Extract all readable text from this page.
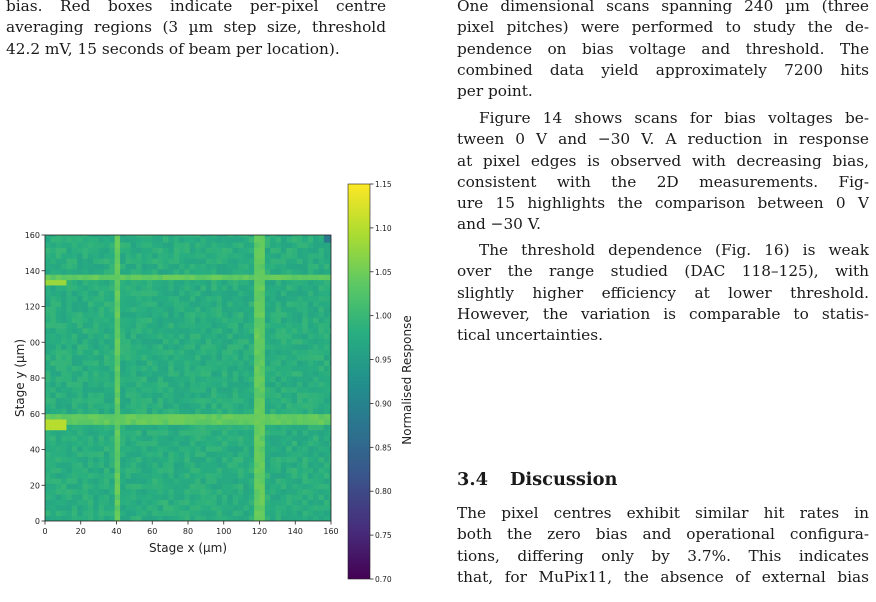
bias. Red boxes indicate per-pixel centre
averaging regions (3 µm step size, threshold
42.2 mV, 15 seconds of beam per location).
One dimensional scans spanning 240 µm (three
pixel pitches) were performed to study the de-
pendence on bias voltage and threshold. The
combined data yield approximately 7200 hits
per point.
Figure 14 shows scans for bias voltages be-
tween 0 V and −30 V. A reduction in response
at pixel edges is observed with decreasing bias,
consistent with the 2D measurements. Fig-
ure 15 highlights the comparison between 0 V
and −30 V.
The threshold dependence (Fig. 16) is weak
over the range studied (DAC 118–125), with
slightly higher efficiency at lower threshold.
However, the variation is comparable to statis-
tical uncertainties.
3.4 Discussion
The pixel centres exhibit similar hit rates in
both the zero bias and operational configura-
tions, differing only by 3.7%. This indicates
that, for MuPix11, the absence of external bias
0	20	40	60	80	100	120	140	160
0
20
40
60
80
00
120
140
160
Stage x (µm)
Stage y (µm)
0.70
0.75
0.80
0.85
0.90
0.95
1.00
1.05
1.10
1.15
Normalised Response
